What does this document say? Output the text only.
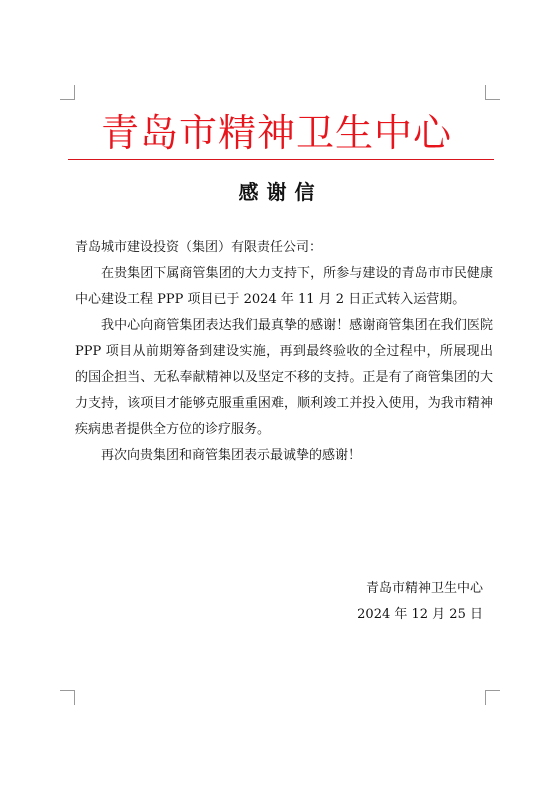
青岛市精神卫生中心
感谢信

青岛城市建设投资（集团）有限责任公司：

在贵集团下属商管集团的大力支持下，所参与建设的青岛市市民健康中心建设工程 PPP 项目已于 2024 年 11 月 2 日正式转入运营期。

我中心向商管集团表达我们最真挚的感谢！感谢商管集团在我们医院 PPP 项目从前期筹备到建设实施，再到最终验收的全过程中，所展现出的国企担当、无私奉献精神以及坚定不移的支持。正是有了商管集团的大力支持，该项目才能够克服重重困难，顺利竣工并投入使用，为我市精神疾病患者提供全方位的诊疗服务。

再次向贵集团和商管集团表示最诚挚的感谢！

青岛市精神卫生中心
2024 年 12 月 25 日
